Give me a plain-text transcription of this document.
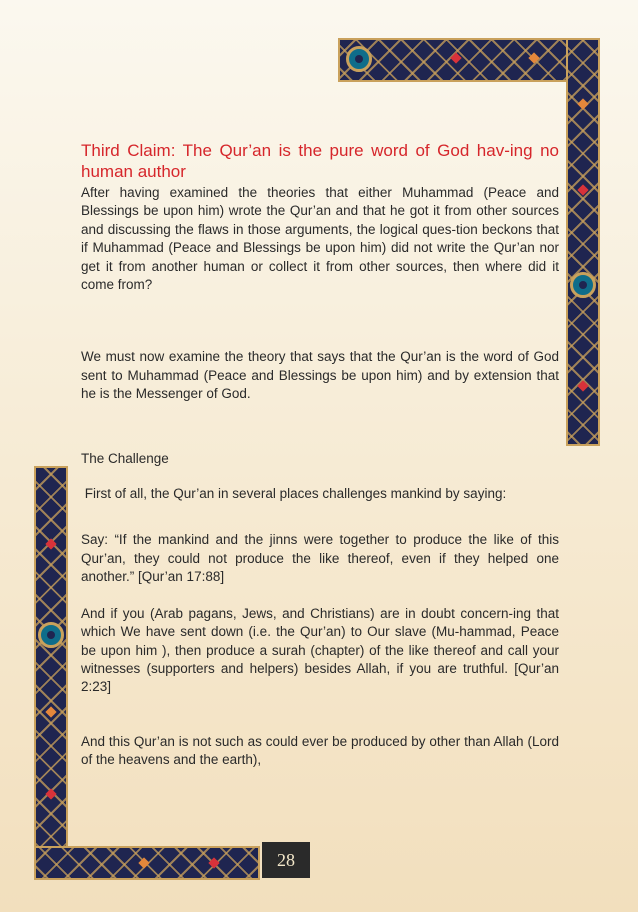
Third Claim: The Qur’an is the pure word of God hav-ing no human author

After having examined the theories that either Muhammad (Peace and Blessings be upon him) wrote the Qur’an and that he got it from other sources and discussing the flaws in those arguments, the logical ques-tion beckons that if Muhammad (Peace and Blessings be upon him) did not write the Qur’an nor get it from another human or collect it from other sources, then where did it come from?

We must now examine the theory that says that the Qur’an is the word of God sent to Muhammad (Peace and Blessings be upon him) and by extension that he is the Messenger of God.

The Challenge

First of all, the Qur’an in several places challenges mankind by saying:

Say: “If the mankind and the jinns were together to produce the like of this Qur’an, they could not produce the like thereof, even if they helped one another.” [Qur’an 17:88]

And if you (Arab pagans, Jews, and Christians) are in doubt concern-ing that which We have sent down (i.e. the Qur’an) to Our slave (Mu-hammad, Peace be upon him ), then produce a surah (chapter) of the like thereof and call your witnesses (supporters and helpers) besides Allah, if you are truthful. [Qur’an 2:23]

And this Qur’an is not such as could ever be produced by other than Allah (Lord of the heavens and the earth),

28
